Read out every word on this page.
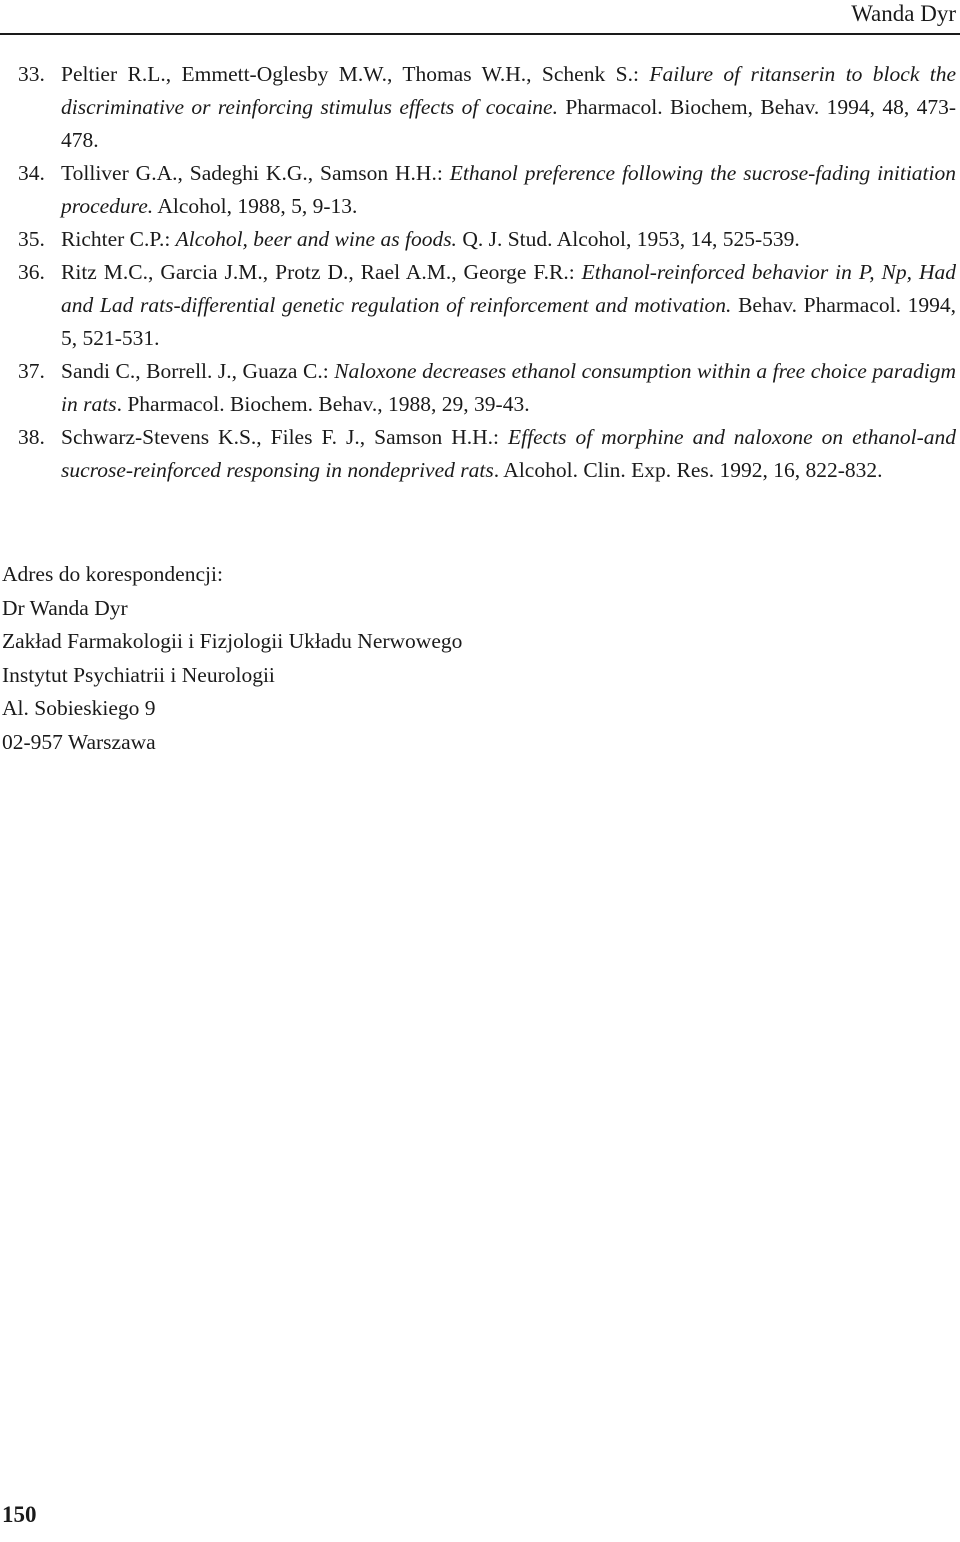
Wanda Dyr
33. Peltier R.L., Emmett-Oglesby M.W., Thomas W.H., Schenk S.: Failure of ritanserin to block the discriminative or reinforcing stimulus effects of cocaine. Pharmacol. Biochem, Behav. 1994, 48, 473-478.
34. Tolliver G.A., Sadeghi K.G., Samson H.H.: Ethanol preference following the sucrose-fading initiation procedure. Alcohol, 1988, 5, 9-13.
35. Richter C.P.: Alcohol, beer and wine as foods. Q. J. Stud. Alcohol, 1953, 14, 525-539.
36. Ritz M.C., Garcia J.M., Protz D., Rael A.M., George F.R.: Ethanol-reinforced behavior in P, Np, Had and Lad rats-differential genetic regulation of reinforcement and motivation. Behav. Pharmacol. 1994, 5, 521-531.
37. Sandi C., Borrell. J., Guaza C.: Naloxone decreases ethanol consumption within a free choice paradigm in rats. Pharmacol. Biochem. Behav., 1988, 29, 39-43.
38. Schwarz-Stevens K.S., Files F. J., Samson H.H.: Effects of morphine and naloxone on ethanol-and sucrose-reinforced responsing in nondeprived rats. Alcohol. Clin. Exp. Res. 1992, 16, 822-832.
Adres do korespondencji:
Dr Wanda Dyr
Zakład Farmakologii i Fizjologii Układu Nerwowego
Instytut Psychiatrii i Neurologii
Al. Sobieskiego 9
02-957 Warszawa
150
